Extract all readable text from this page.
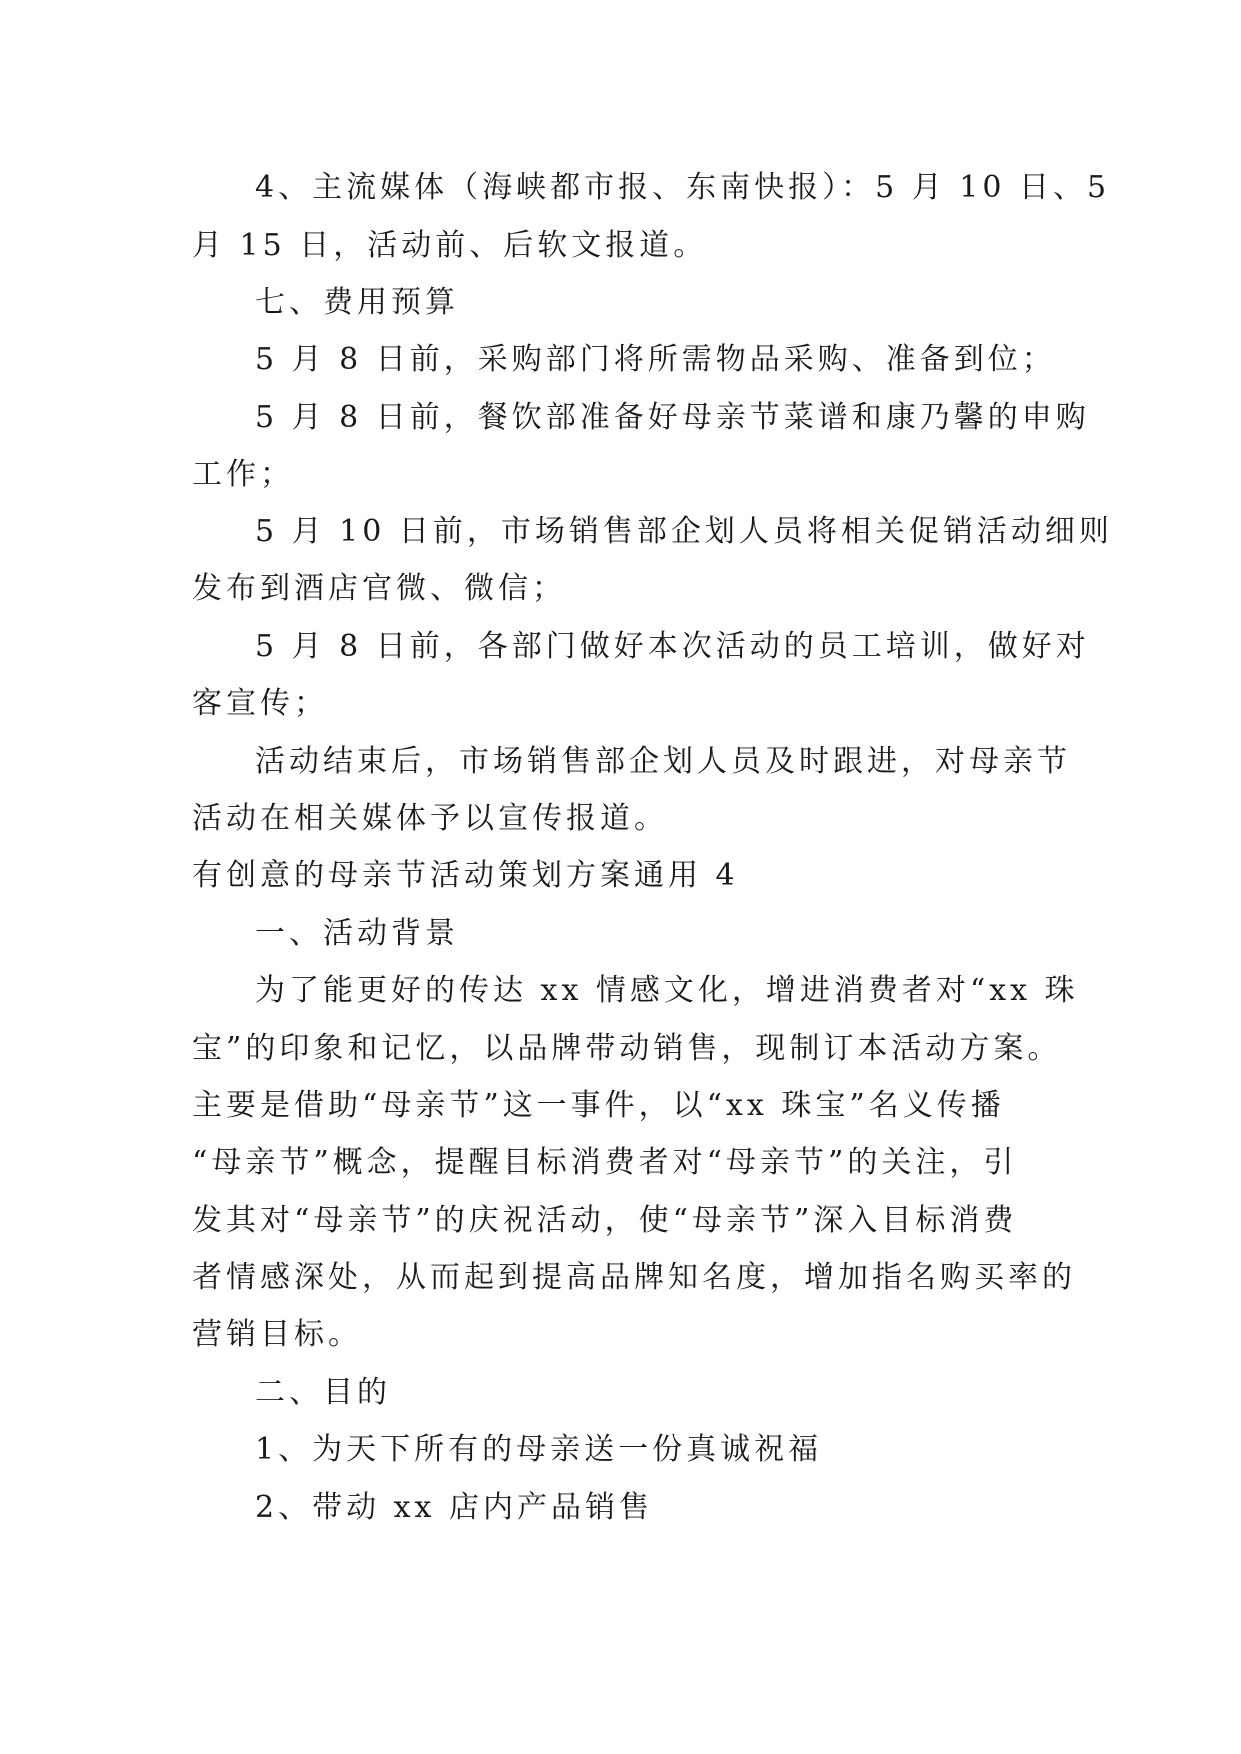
4、主流媒体（海峡都市报、东南快报）：5 月 10 日、5
月 15 日，活动前、后软文报道。
七、费用预算
5 月 8 日前，采购部门将所需物品采购、准备到位；
5 月 8 日前，餐饮部准备好母亲节菜谱和康乃馨的申购
工作；
5 月 10 日前，市场销售部企划人员将相关促销活动细则
发布到酒店官微、微信；
5 月 8 日前，各部门做好本次活动的员工培训，做好对
客宣传；
活动结束后，市场销售部企划人员及时跟进，对母亲节
活动在相关媒体予以宣传报道。
有创意的母亲节活动策划方案通用 4
一、活动背景
为了能更好的传达 xx 情感文化，增进消费者对“xx 珠
宝”的印象和记忆，以品牌带动销售，现制订本活动方案。
主要是借助“母亲节”这一事件，以“xx 珠宝”名义传播
“母亲节”概念，提醒目标消费者对“母亲节”的关注，引
发其对“母亲节”的庆祝活动，使“母亲节”深入目标消费
者情感深处，从而起到提高品牌知名度，增加指名购买率的
营销目标。
二、目的
1、为天下所有的母亲送一份真诚祝福
2、带动 xx 店内产品销售
